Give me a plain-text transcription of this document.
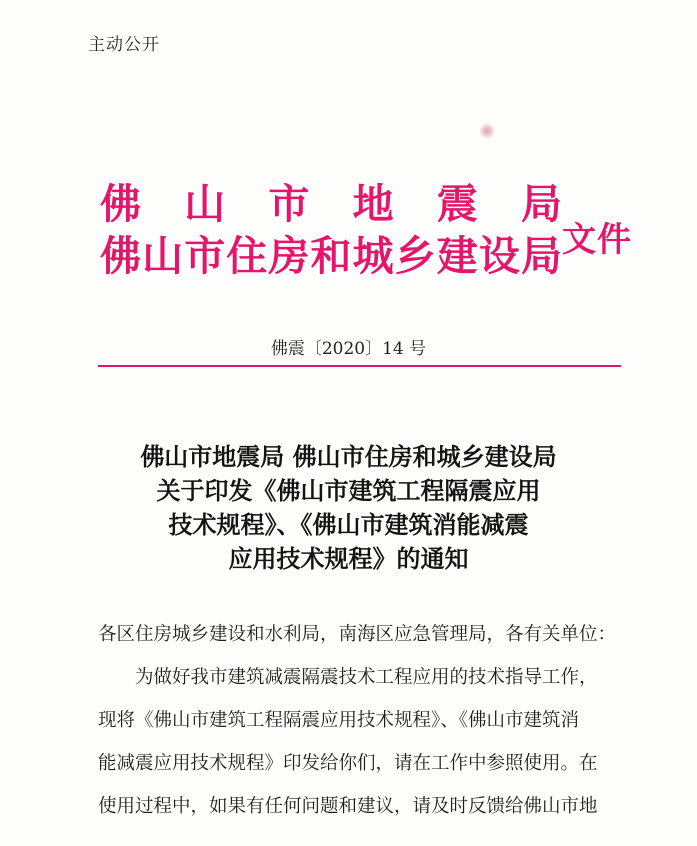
主动公开
佛 山 市 地 震 局
佛 山 市 住 房 和 城 乡 建 设 局 文件
佛震〔2020〕14 号
佛山市地震局 佛山市住房和城乡建设局
关于印发《佛山市建筑工程隔震应用
技术规程》、《佛山市建筑消能减震
应用技术规程》的通知
各区住房城乡建设和水利局，南海区应急管理局，各有关单位：
为做好我市建筑减震隔震技术工程应用的技术指导工作，
现将《佛山市建筑工程隔震应用技术规程》、《佛山市建筑消
能减震应用技术规程》印发给你们，请在工作中参照使用。在
使用过程中，如果有任何问题和建议，请及时反馈给佛山市地
